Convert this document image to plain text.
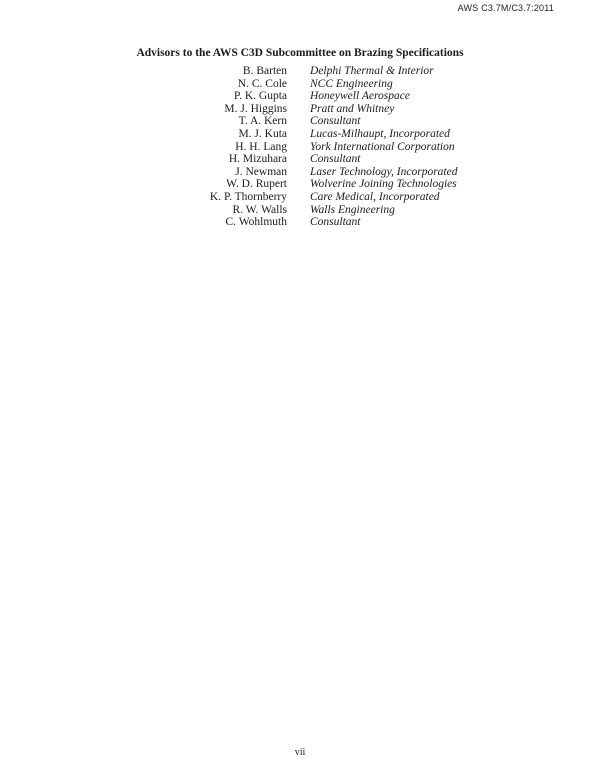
AWS C3.7M/C3.7:2011
Advisors to the AWS C3D Subcommittee on Brazing Specifications
B. Barten Delphi Thermal & Interior
N. C. Cole NCC Engineering
P. K. Gupta Honeywell Aerospace
M. J. Higgins Pratt and Whitney
T. A. Kern Consultant
M. J. Kuta Lucas-Milhaupt, Incorporated
H. H. Lang York International Corporation
H. Mizuhara Consultant
J. Newman Laser Technology, Incorporated
W. D. Rupert Wolverine Joining Technologies
K. P. Thornberry Care Medical, Incorporated
R. W. Walls Walls Engineering
C. Wohlmuth Consultant
vii
